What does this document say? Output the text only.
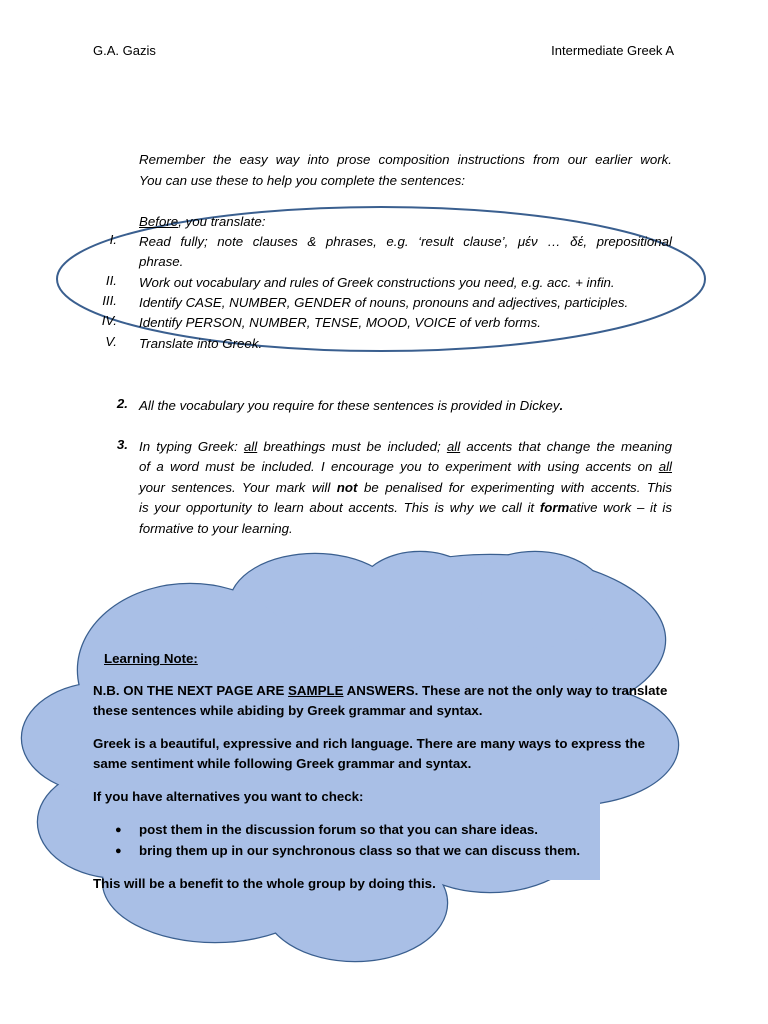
G.A. Gazis	Intermediate Greek A
Remember the easy way into prose composition instructions from our earlier work.
You can use these to help you complete the sentences:
Before, you translate:
I. Read fully; note clauses & phrases, e.g. ‘result clause’, μέν … δέ, prepositional
phrase.
II. Work out vocabulary and rules of Greek constructions you need, e.g. acc. + infin.
III. Identify CASE, NUMBER, GENDER of nouns, pronouns and adjectives, participles.
IV. Identify PERSON, NUMBER, TENSE, MOOD, VOICE of verb forms.
V. Translate into Greek.
2. All the vocabulary you require for these sentences is provided in Dickey.
3. In typing Greek: all breathings must be included; all accents that change the meaning
of a word must be included. I encourage you to experiment with using accents on all
your sentences. Your mark will not be penalised for experimenting with accents. This
is your opportunity to learn about accents. This is why we call it formative work – it is
formative to your learning.
Learning Note:
N.B. ON THE NEXT PAGE ARE SAMPLE ANSWERS. These are not the only way to translate
these sentences while abiding by Greek grammar and syntax.
Greek is a beautiful, expressive and rich language. There are many ways to express the
same sentiment while following Greek grammar and syntax.
If you have alternatives you want to check:
● post them in the discussion forum so that you can share ideas.
● bring them up in our synchronous class so that we can discuss them.
This will be a benefit to the whole group by doing this.
